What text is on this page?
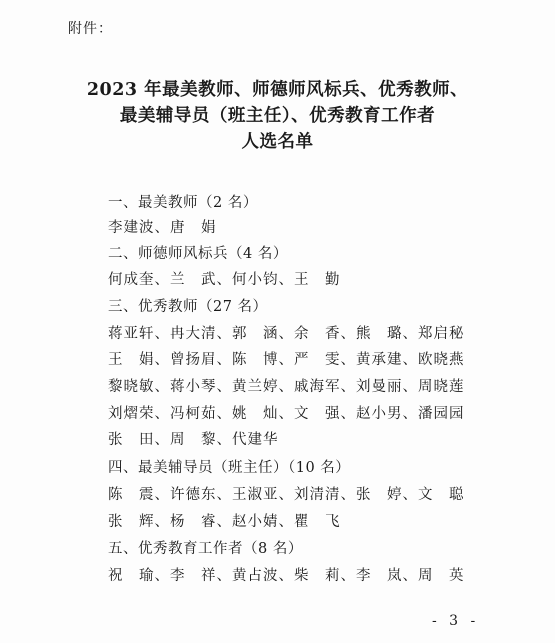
附件：
2023 年最美教师、师德师风标兵、优秀教师、
最美辅导员（班主任）、优秀教育工作者
人选名单
一、最美教师（2 名）
李建波、唐　娟
二、师德师风标兵（4 名）
何成奎、兰　武、何小钧、王　勤
三、优秀教师（27 名）
蒋亚轩、冉大清、郭　涵、余　香、熊　璐、郑启秘
王　娟、曾扬眉、陈　博、严　雯、黄承建、欧晓燕
黎晓敏、蒋小琴、黄兰婷、戚海军、刘曼丽、周晓莲
刘熠荣、冯柯茹、姚　灿、文　强、赵小男、潘园园
张　田、周　黎、代建华
四、最美辅导员（班主任）（10 名）
陈　震、许德东、王淑亚、刘清清、张　婷、文　聪
张　辉、杨　睿、赵小婧、瞿　飞
五、优秀教育工作者（8 名）
祝　瑜、李　祥、黄占波、柴　莉、李　岚、周　英
- 3 -
